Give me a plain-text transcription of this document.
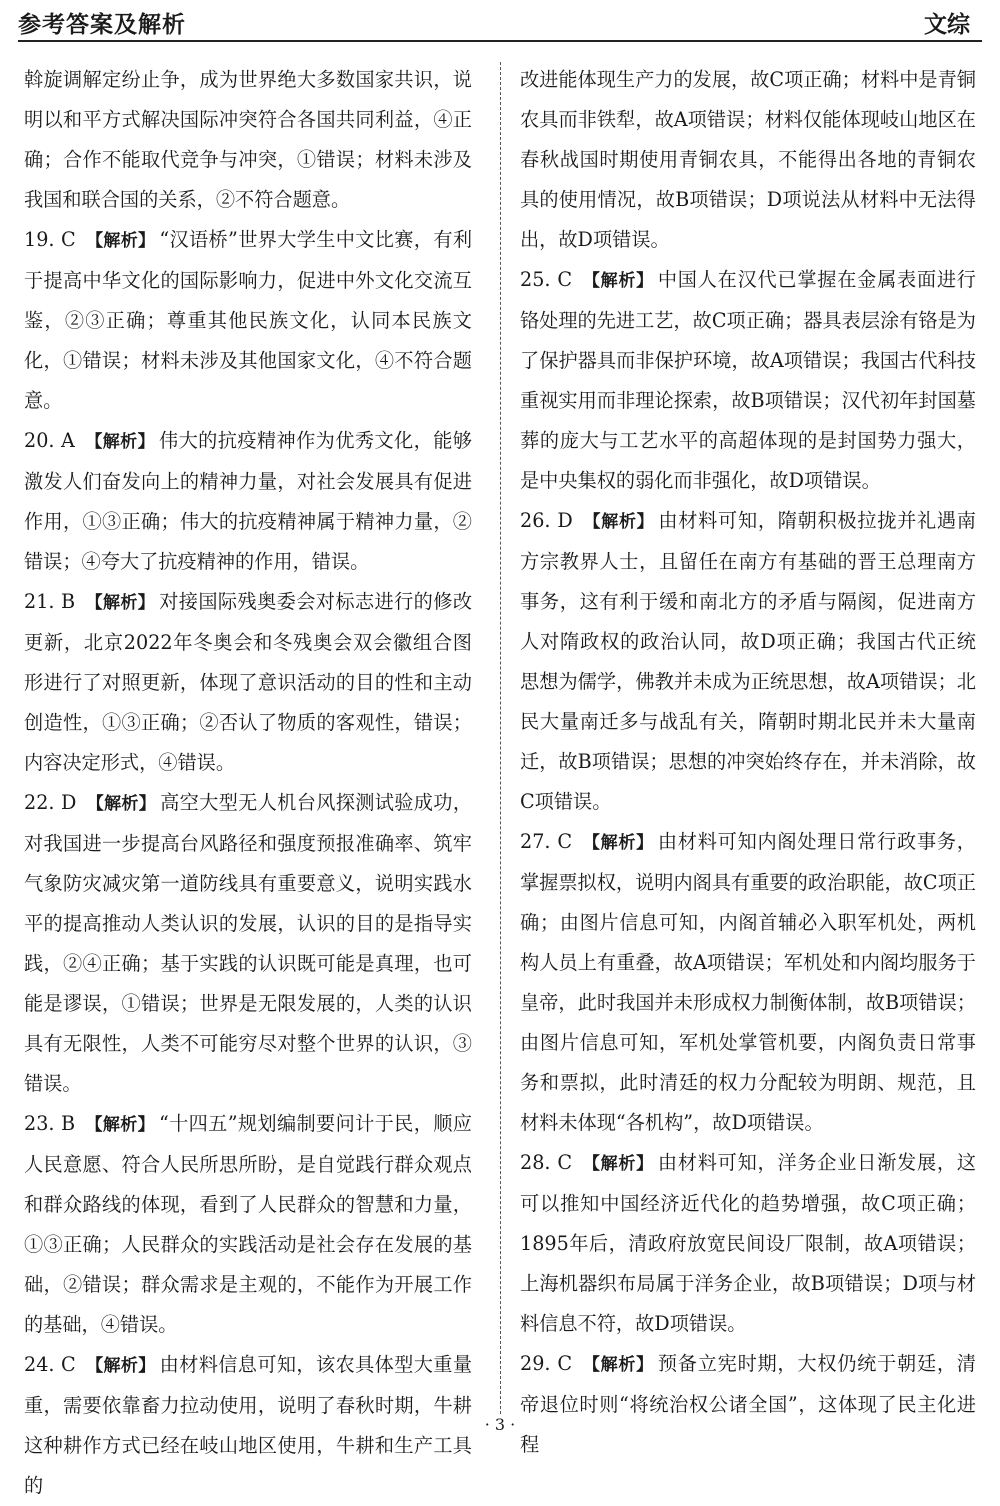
参考答案及解析	文综

斡旋调解定纷止争，成为世界绝大多数国家共识，说明以和平方式解决国际冲突符合各国共同利益，④正确；合作不能取代竞争与冲突，①错误；材料未涉及我国和联合国的关系，②不符合题意。

19. C 【解析】 “汉语桥”世界大学生中文比赛，有利于提高中华文化的国际影响力，促进中外文化交流互鉴，②③正确；尊重其他民族文化，认同本民族文化，①错误；材料未涉及其他国家文化，④不符合题意。

20. A 【解析】 伟大的抗疫精神作为优秀文化，能够激发人们奋发向上的精神力量，对社会发展具有促进作用，①③正确；伟大的抗疫精神属于精神力量，②错误；④夸大了抗疫精神的作用，错误。

21. B 【解析】 对接国际残奥委会对标志进行的修改更新，北京2022年冬奥会和冬残奥会双会徽组合图形进行了对照更新，体现了意识活动的目的性和主动创造性，①③正确；②否认了物质的客观性，错误；内容决定形式，④错误。

22. D 【解析】 高空大型无人机台风探测试验成功，对我国进一步提高台风路径和强度预报准确率、筑牢气象防灾减灾第一道防线具有重要意义，说明实践水平的提高推动人类认识的发展，认识的目的是指导实践，②④正确；基于实践的认识既可能是真理，也可能是谬误，①错误；世界是无限发展的，人类的认识具有无限性，人类不可能穷尽对整个世界的认识，③错误。

23. B 【解析】 “十四五”规划编制要问计于民，顺应人民意愿、符合人民所思所盼，是自觉践行群众观点和群众路线的体现，看到了人民群众的智慧和力量，①③正确；人民群众的实践活动是社会存在发展的基础，②错误；群众需求是主观的，不能作为开展工作的基础，④错误。

24. C 【解析】 由材料信息可知，该农具体型大重量重，需要依靠畜力拉动使用，说明了春秋时期，牛耕这种耕作方式已经在岐山地区使用，牛耕和生产工具的

改进能体现生产力的发展，故C项正确；材料中是青铜农具而非铁犁，故A项错误；材料仅能体现岐山地区在春秋战国时期使用青铜农具，不能得出各地的青铜农具的使用情况，故B项错误；D项说法从材料中无法得出，故D项错误。

25. C 【解析】 中国人在汉代已掌握在金属表面进行铬处理的先进工艺，故C项正确；器具表层涂有铬是为了保护器具而非保护环境，故A项错误；我国古代科技重视实用而非理论探索，故B项错误；汉代初年封国墓葬的庞大与工艺水平的高超体现的是封国势力强大，是中央集权的弱化而非强化，故D项错误。

26. D 【解析】 由材料可知，隋朝积极拉拢并礼遇南方宗教界人士，且留任在南方有基础的晋王总理南方事务，这有利于缓和南北方的矛盾与隔阂，促进南方人对隋政权的政治认同，故D项正确；我国古代正统思想为儒学，佛教并未成为正统思想，故A项错误；北民大量南迁多与战乱有关，隋朝时期北民并未大量南迁，故B项错误；思想的冲突始终存在，并未消除，故C项错误。

27. C 【解析】 由材料可知内阁处理日常行政事务，掌握票拟权，说明内阁具有重要的政治职能，故C项正确；由图片信息可知，内阁首辅必入职军机处，两机构人员上有重叠，故A项错误；军机处和内阁均服务于皇帝，此时我国并未形成权力制衡体制，故B项错误；由图片信息可知，军机处掌管机要，内阁负责日常事务和票拟，此时清廷的权力分配较为明朗、规范，且材料未体现“各机构”，故D项错误。

28. C 【解析】 由材料可知，洋务企业日渐发展，这可以推知中国经济近代化的趋势增强，故C项正确；1895年后，清政府放宽民间设厂限制，故A项错误；上海机器织布局属于洋务企业，故B项错误；D项与材料信息不符，故D项错误。

29. C 【解析】 预备立宪时期，大权仍统于朝廷，清帝退位时则“将统治权公诸全国”，这体现了民主化进程

· 3 ·
